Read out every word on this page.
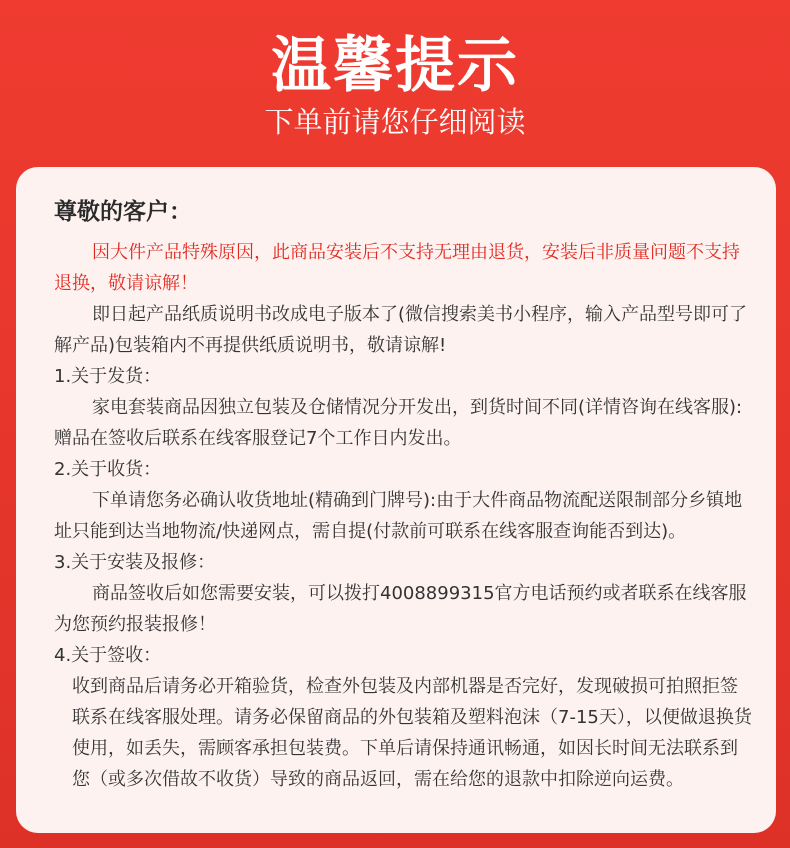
温馨提示
下单前请您仔细阅读
尊敬的客户：

因大件产品特殊原因，此商品安装后不支持无理由退货，安装后非质量问题不支持退换，敬请谅解！

即日起产品纸质说明书改成电子版本了(微信搜索美书小程序，输入产品型号即可了解产品)包装箱内不再提供纸质说明书，敬请谅解!

1.关于发货：

家电套装商品因独立包装及仓储情况分开发出，到货时间不同(详情咨询在线客服):赠品在签收后联系在线客服登记7个工作日内发出。

2.关于收货：

下单请您务必确认收货地址(精确到门牌号):由于大件商品物流配送限制部分乡镇地址只能到达当地物流/快递网点，需自提(付款前可联系在线客服查询能否到达)。

3.关于安装及报修：

商品签收后如您需要安装，可以拨打4008899315官方电话预约或者联系在线客服为您预约报装报修！

4.关于签收：

收到商品后请务必开箱验货，检查外包装及内部机器是否完好，发现破损可拍照拒签联系在线客服处理。请务必保留商品的外包装箱及塑料泡沫（7-15天），以便做退换货使用，如丢失，需顾客承担包装费。下单后请保持通讯畅通，如因长时间无法联系到您（或多次借故不收货）导致的商品返回，需在给您的退款中扣除逆向运费。
